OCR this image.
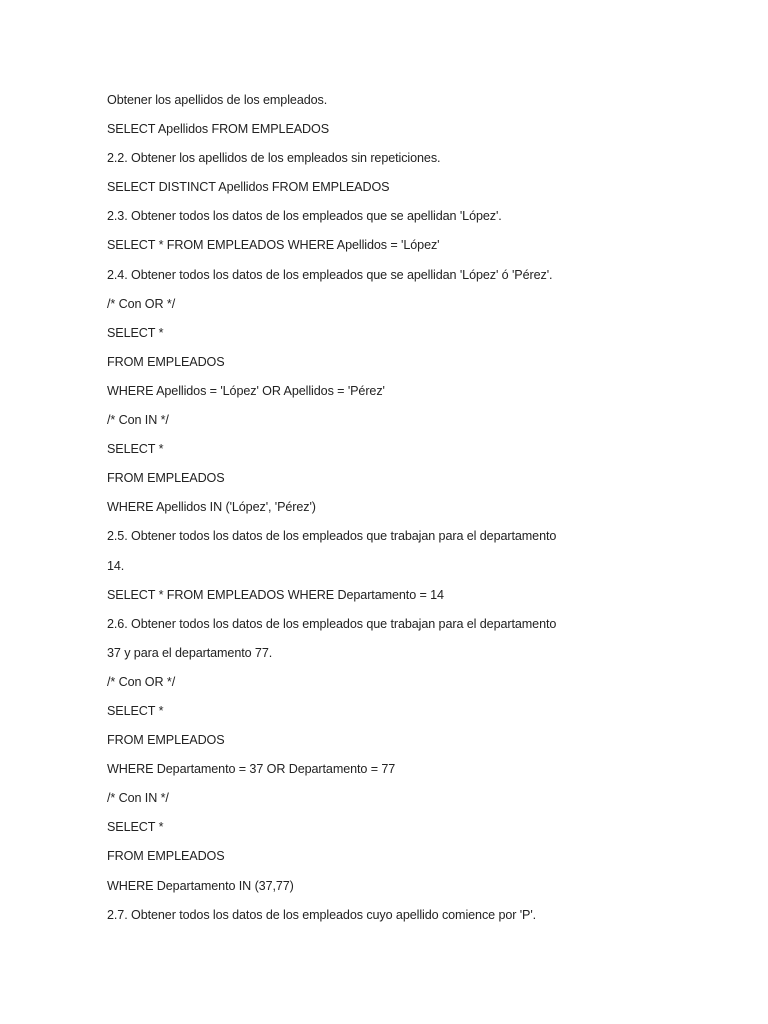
Obtener los apellidos de los empleados.
SELECT Apellidos FROM EMPLEADOS
2.2. Obtener los apellidos de los empleados sin repeticiones.
SELECT DISTINCT Apellidos FROM EMPLEADOS
2.3. Obtener todos los datos de los empleados que se apellidan 'López'.
SELECT * FROM EMPLEADOS WHERE Apellidos = 'López'
2.4. Obtener todos los datos de los empleados que se apellidan 'López' ó 'Pérez'.
/* Con OR */
SELECT *
FROM EMPLEADOS
WHERE Apellidos = 'López' OR Apellidos = 'Pérez'
/* Con IN */
SELECT *
FROM EMPLEADOS
WHERE Apellidos IN ('López', 'Pérez')
2.5. Obtener todos los datos de los empleados que trabajan para el departamento
14.
SELECT * FROM EMPLEADOS WHERE Departamento = 14
2.6. Obtener todos los datos de los empleados que trabajan para el departamento
37 y para el departamento 77.
/* Con OR */
SELECT *
FROM EMPLEADOS
WHERE Departamento = 37 OR Departamento = 77
/* Con IN */
SELECT *
FROM EMPLEADOS
WHERE Departamento IN (37,77)
2.7. Obtener todos los datos de los empleados cuyo apellido comience por 'P'.
